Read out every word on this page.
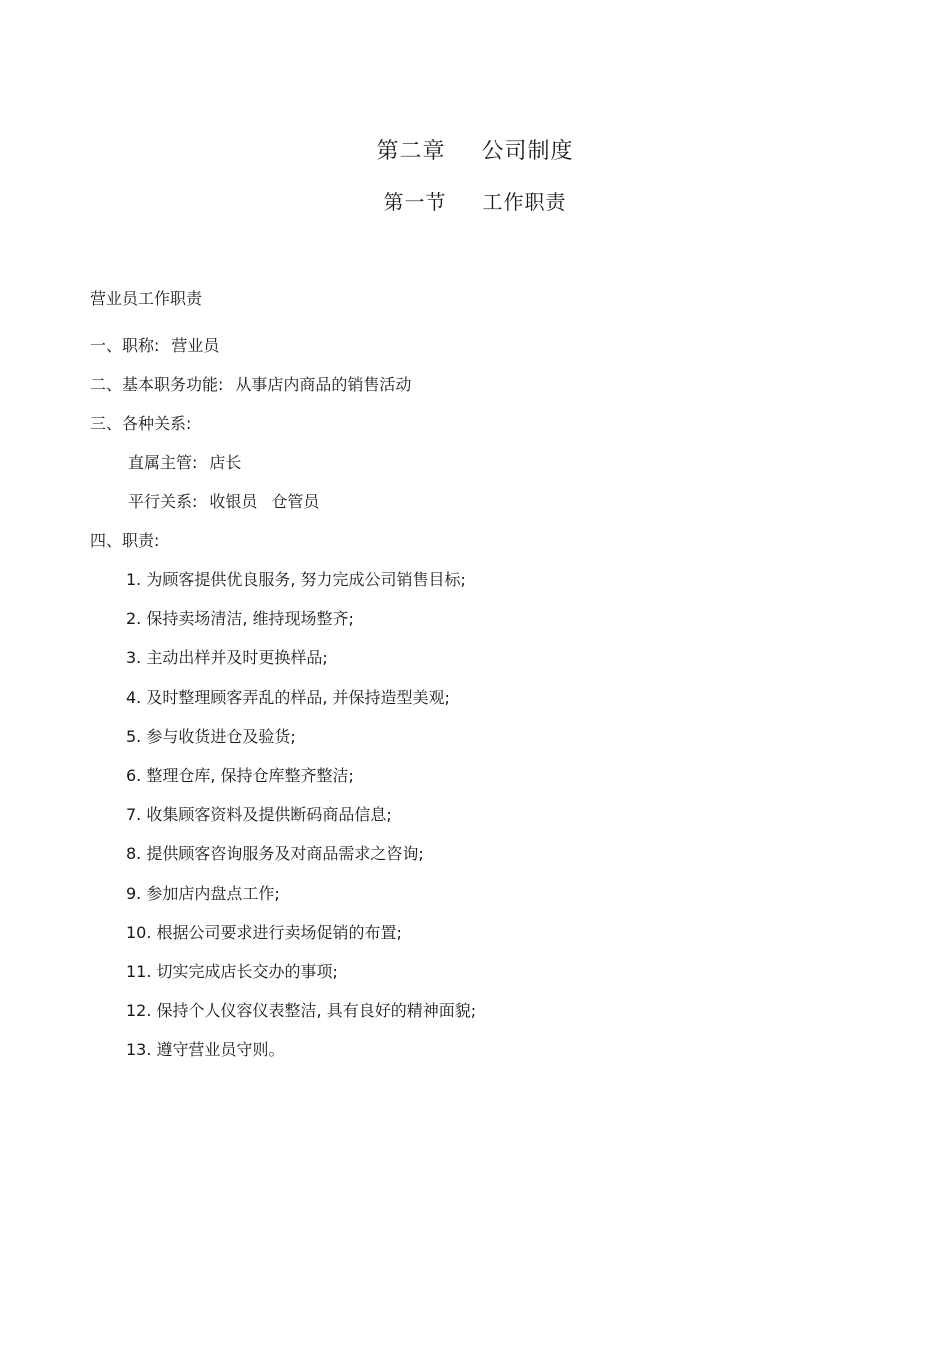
第二章 公司制度
第一节 工作职责
营业员工作职责
一、职称: 营业员
二、基本职务功能: 从事店内商品的销售活动
三、各种关系:
直属主管: 店长
平行关系: 收银员 仓管员
四、职责:
1. 为顾客提供优良服务, 努力完成公司销售目标;
2. 保持卖场清洁, 维持现场整齐;
3. 主动出样并及时更换样品;
4. 及时整理顾客弄乱的样品, 并保持造型美观;
5. 参与收货进仓及验货;
6. 整理仓库, 保持仓库整齐整洁;
7. 收集顾客资料及提供断码商品信息;
8. 提供顾客咨询服务及对商品需求之咨询;
9. 参加店内盘点工作;
10. 根据公司要求进行卖场促销的布置;
11. 切实完成店长交办的事项;
12. 保持个人仪容仪表整洁, 具有良好的精神面貌;
13. 遵守营业员守则。
